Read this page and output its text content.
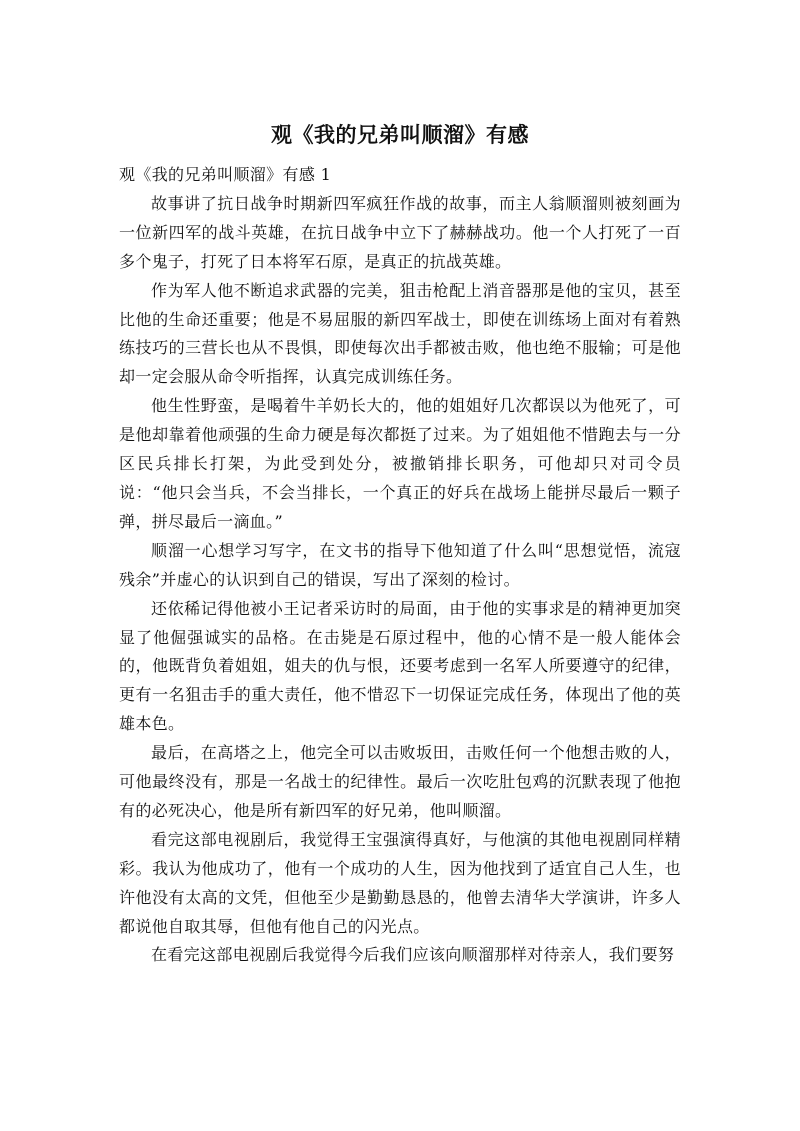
观《我的兄弟叫顺溜》有感

观《我的兄弟叫顺溜》有感 1

故事讲了抗日战争时期新四军疯狂作战的故事，而主人翁顺溜则被刻画为一位新四军的战斗英雄，在抗日战争中立下了赫赫战功。他一个人打死了一百多个鬼子，打死了日本将军石原，是真正的抗战英雄。

作为军人他不断追求武器的完美，狙击枪配上消音器那是他的宝贝，甚至比他的生命还重要；他是不易屈服的新四军战士，即使在训练场上面对有着熟练技巧的三营长也从不畏惧，即使每次出手都被击败，他也绝不服输；可是他却一定会服从命令听指挥，认真完成训练任务。

他生性野蛮，是喝着牛羊奶长大的，他的姐姐好几次都误以为他死了，可是他却靠着他顽强的生命力硬是每次都挺了过来。为了姐姐他不惜跑去与一分区民兵排长打架，为此受到处分，被撤销排长职务，可他却只对司令员说：“他只会当兵，不会当排长，一个真正的好兵在战场上能拼尽最后一颗子弹，拼尽最后一滴血。”

顺溜一心想学习写字，在文书的指导下他知道了什么叫“思想觉悟，流寇残余”并虚心的认识到自己的错误，写出了深刻的检讨。

还依稀记得他被小王记者采访时的局面，由于他的实事求是的精神更加突显了他倔强诚实的品格。在击毙是石原过程中，他的心情不是一般人能体会的，他既背负着姐姐，姐夫的仇与恨，还要考虑到一名军人所要遵守的纪律，更有一名狙击手的重大责任，他不惜忍下一切保证完成任务，体现出了他的英雄本色。

最后，在高塔之上，他完全可以击败坂田，击败任何一个他想击败的人，可他最终没有，那是一名战士的纪律性。最后一次吃肚包鸡的沉默表现了他抱有的必死决心，他是所有新四军的好兄弟，他叫顺溜。

看完这部电视剧后，我觉得王宝强演得真好，与他演的其他电视剧同样精彩。我认为他成功了，他有一个成功的人生，因为他找到了适宜自己人生，也许他没有太高的文凭，但他至少是勤勤恳恳的，他曾去清华大学演讲，许多人都说他自取其辱，但他有他自己的闪光点。

在看完这部电视剧后我觉得今后我们应该向顺溜那样对待亲人，我们要努
